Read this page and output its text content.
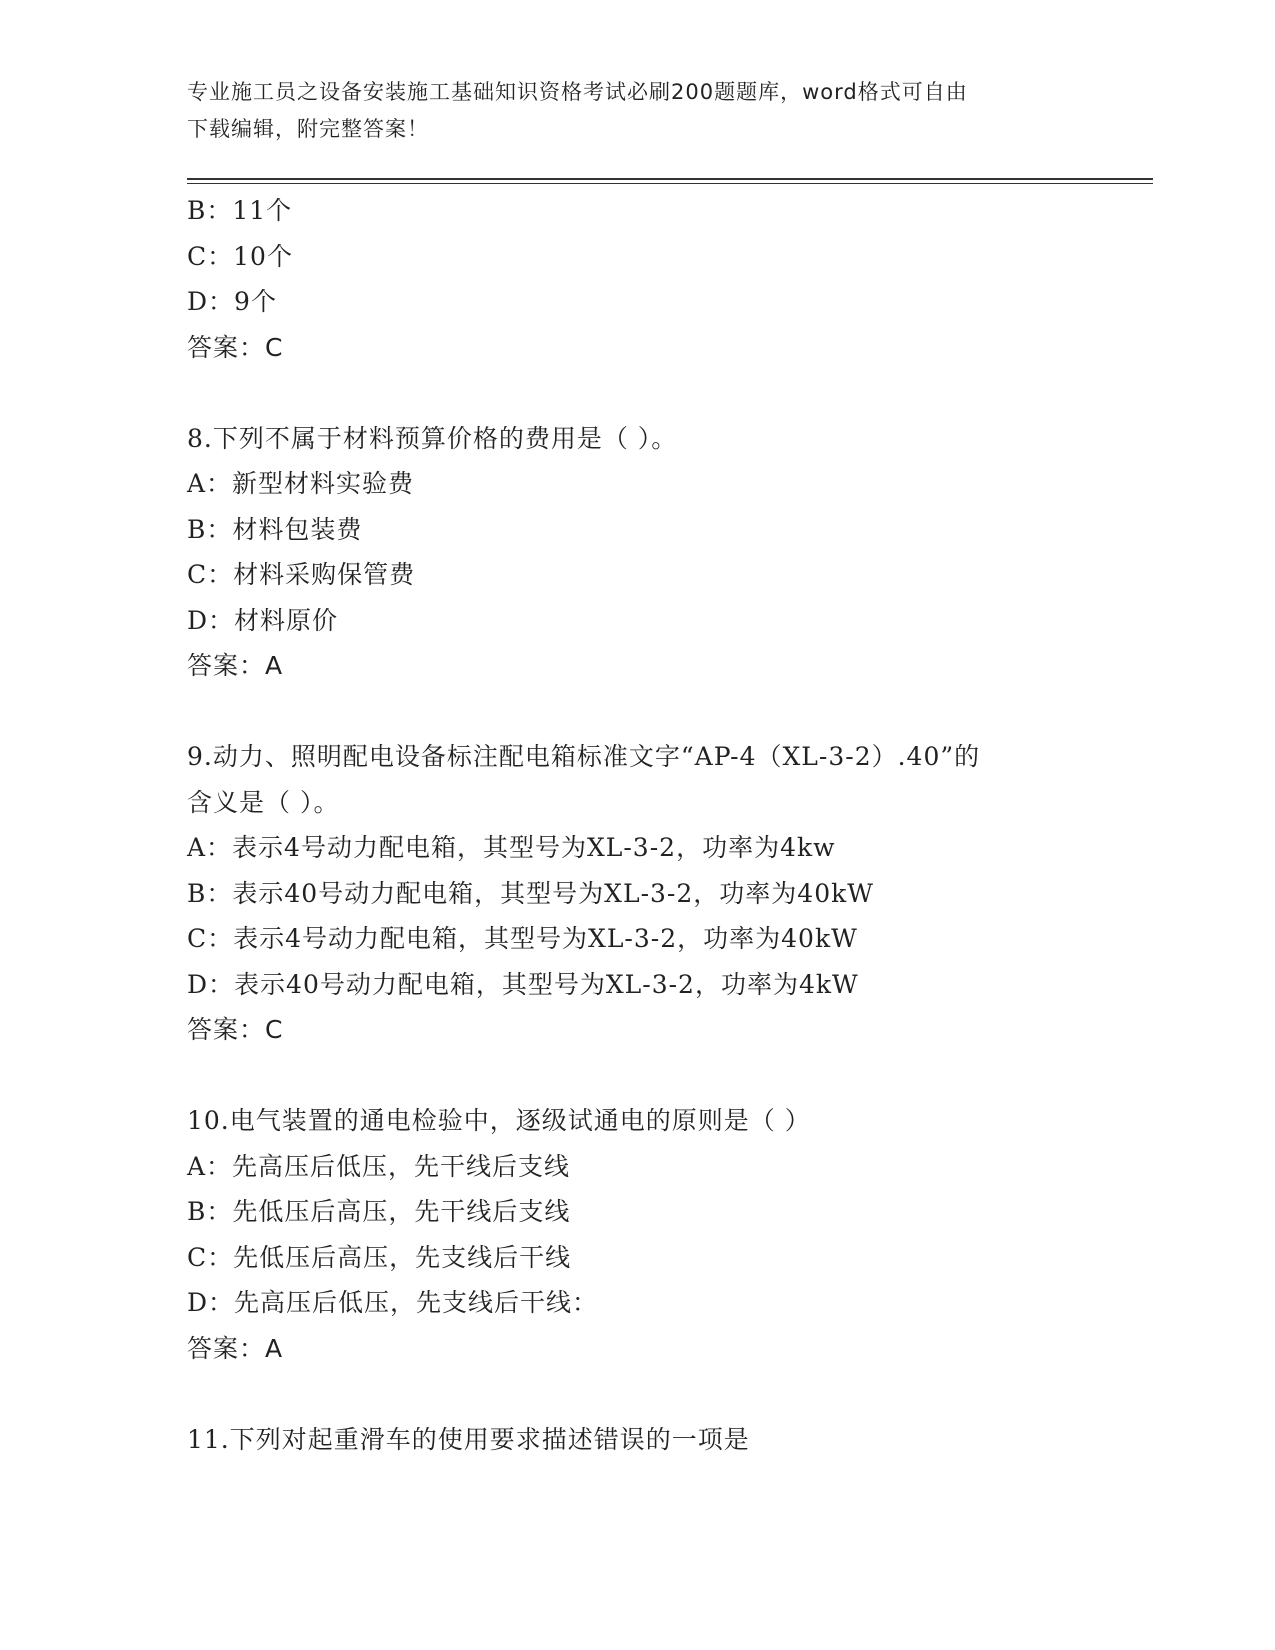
专业施工员之设备安装施工基础知识资格考试必刷200题题库，word格式可自由
下载编辑，附完整答案！
B：11个
C：10个
D：9个
答案：C
8.下列不属于材料预算价格的费用是（ ）。
A：新型材料实验费
B：材料包装费
C：材料采购保管费
D：材料原价
答案：A
9.动力、照明配电设备标注配电箱标准文字“AP-4（XL-3-2）.40”的
含义是（ ）。
A：表示4号动力配电箱，其型号为XL-3-2，功率为4kw
B：表示40号动力配电箱，其型号为XL-3-2，功率为40kW
C：表示4号动力配电箱，其型号为XL-3-2，功率为40kW
D：表示40号动力配电箱，其型号为XL-3-2，功率为4kW
答案：C
10.电气装置的通电检验中，逐级试通电的原则是（ ）
A：先高压后低压，先干线后支线
B：先低压后高压，先干线后支线
C：先低压后高压，先支线后干线
D：先高压后低压，先支线后干线：
答案：A
11.下列对起重滑车的使用要求描述错误的一项是
